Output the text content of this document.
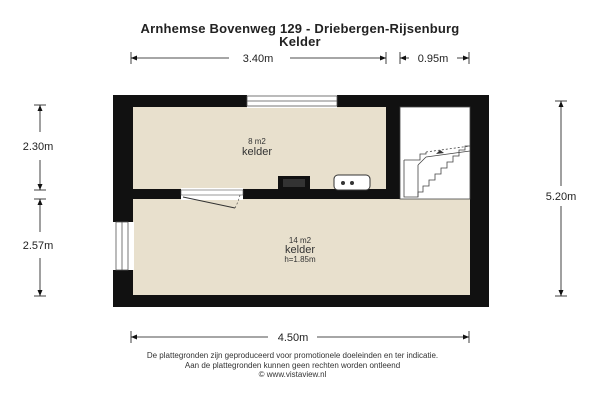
Arnhemse Bovenweg 129 - Driebergen-Rijsenburg
Kelder
8 m2
kelder
14 m2
kelder
h=1.85m
3.40m	0.95m
2.30m
2.57m
5.20m
4.50m
De plattegronden zijn geproduceerd voor promotionele doeleinden en ter indicatie.
Aan de plattegronden kunnen geen rechten worden ontleend
© www.vistaview.nl
